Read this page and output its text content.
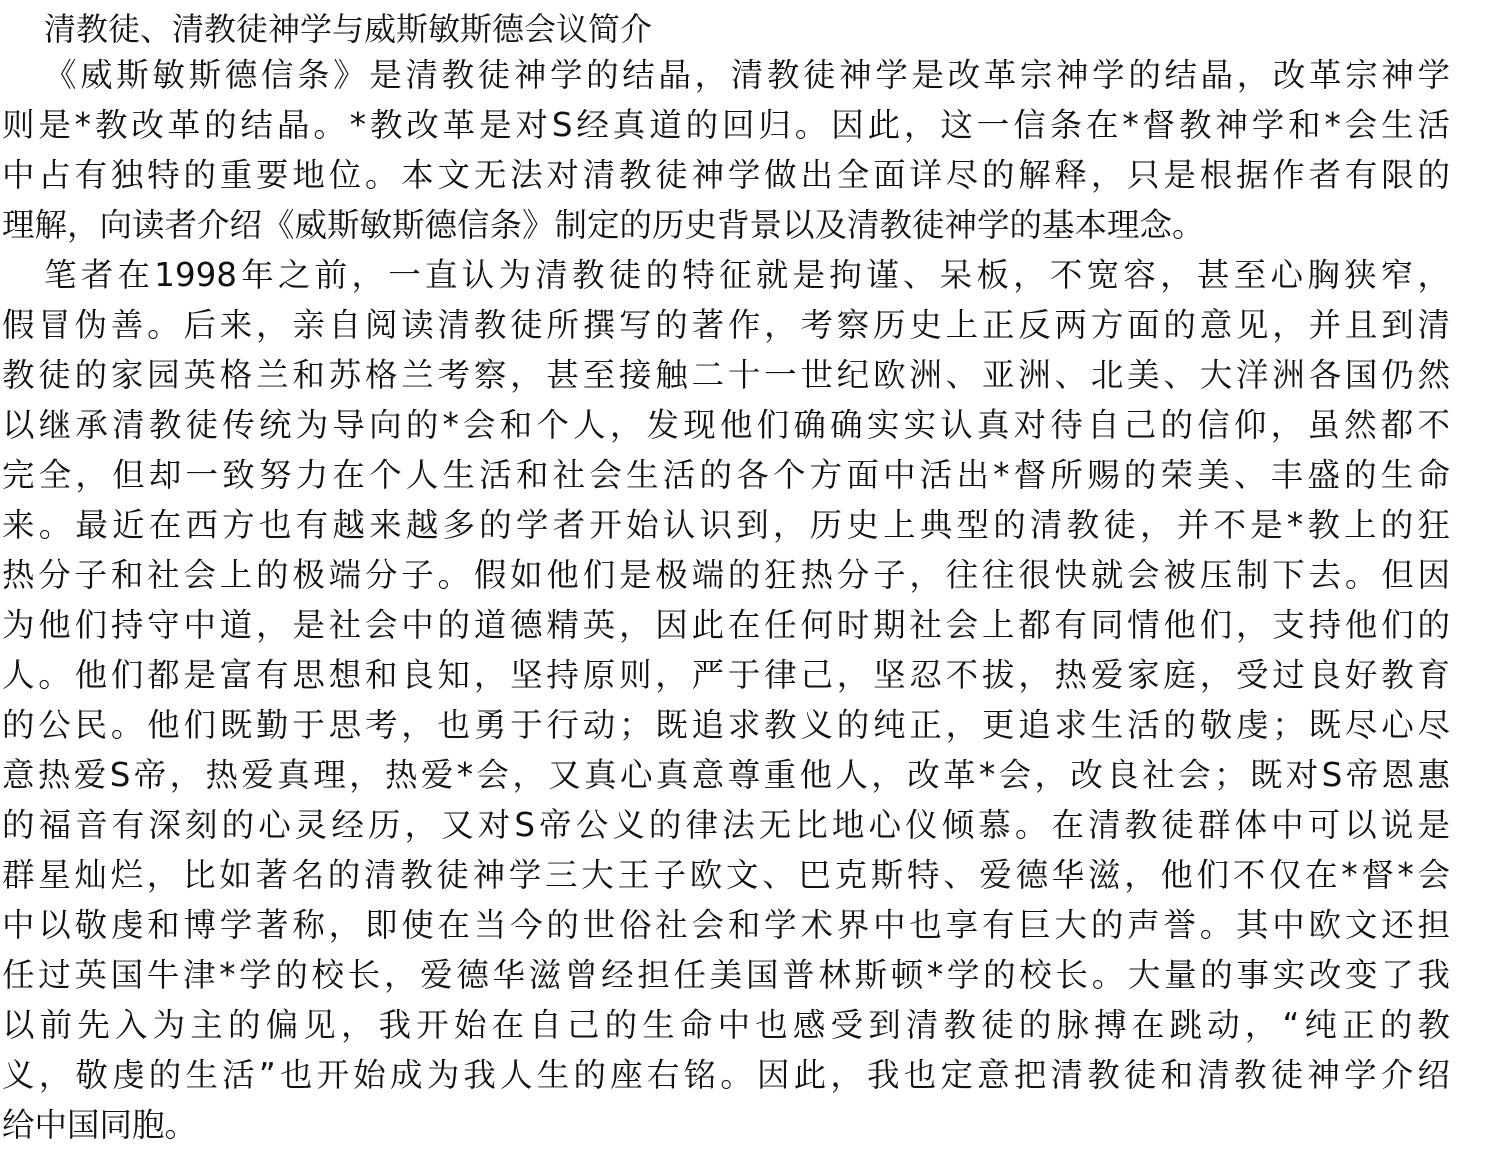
清教徒、清教徒神学与威斯敏斯德会议简介
《威斯敏斯德信条》是清教徒神学的结晶，清教徒神学是改革宗神学的结晶，改革宗神学
则是*教改革的结晶。*教改革是对S经真道的回归。因此，这一信条在*督教神学和*会生活
中占有独特的重要地位。本文无法对清教徒神学做出全面详尽的解释，只是根据作者有限的
理解，向读者介绍《威斯敏斯德信条》制定的历史背景以及清教徒神学的基本理念。
笔者在1998年之前，一直认为清教徒的特征就是拘谨、呆板，不宽容，甚至心胸狭窄，
假冒伪善。后来，亲自阅读清教徒所撰写的著作，考察历史上正反两方面的意见，并且到清
教徒的家园英格兰和苏格兰考察，甚至接触二十一世纪欧洲、亚洲、北美、大洋洲各国仍然
以继承清教徒传统为导向的*会和个人，发现他们确确实实认真对待自己的信仰，虽然都不
完全，但却一致努力在个人生活和社会生活的各个方面中活出*督所赐的荣美、丰盛的生命
来。最近在西方也有越来越多的学者开始认识到，历史上典型的清教徒，并不是*教上的狂
热分子和社会上的极端分子。假如他们是极端的狂热分子，往往很快就会被压制下去。但因
为他们持守中道，是社会中的道德精英，因此在任何时期社会上都有同情他们，支持他们的
人。他们都是富有思想和良知，坚持原则，严于律己，坚忍不拔，热爱家庭，受过良好教育
的公民。他们既勤于思考，也勇于行动；既追求教义的纯正，更追求生活的敬虔；既尽心尽
意热爱S帝，热爱真理，热爱*会，又真心真意尊重他人，改革*会，改良社会；既对S帝恩惠
的福音有深刻的心灵经历，又对S帝公义的律法无比地心仪倾慕。在清教徒群体中可以说是
群星灿烂，比如著名的清教徒神学三大王子欧文、巴克斯特、爱德华滋，他们不仅在*督*会
中以敬虔和博学著称，即使在当今的世俗社会和学术界中也享有巨大的声誉。其中欧文还担
任过英国牛津*学的校长，爱德华滋曾经担任美国普林斯顿*学的校长。大量的事实改变了我
以前先入为主的偏见，我开始在自己的生命中也感受到清教徒的脉搏在跳动，“纯正的教
义，敬虔的生活”也开始成为我人生的座右铭。因此，我也定意把清教徒和清教徒神学介绍
给中国同胞。
